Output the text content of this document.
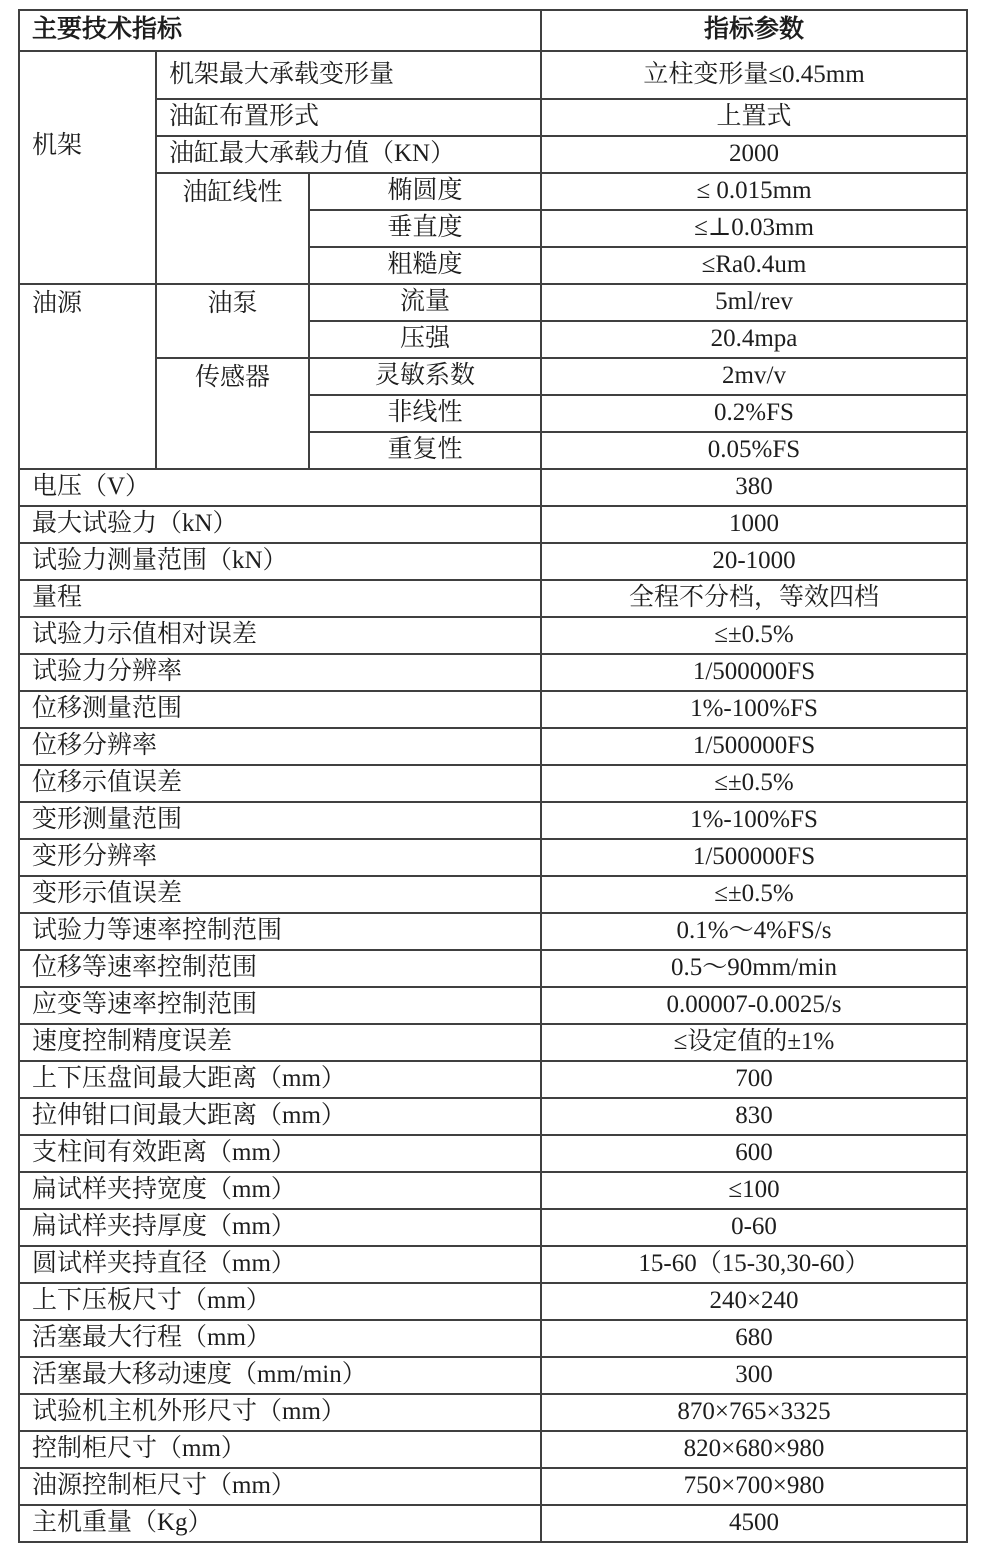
主要技术指标			指标参数
机架	机架最大承载变形量		立柱变形量≤0.45mm
	油缸布置形式		上置式
	油缸最大承载力值（KN）		2000
	油缸线性	椭圆度	≤ 0.015mm
		垂直度	≤⊥0.03mm
		粗糙度	≤Ra0.4um
油源	油泵	流量	5ml/rev
		压强	20.4mpa
	传感器	灵敏系数	2mv/v
		非线性	0.2%FS
		重复性	0.05%FS
电压（V）			380
最大试验力（kN）			1000
试验力测量范围（kN）			20-1000
量程			全程不分档，等效四档
试验力示值相对误差			≤±0.5%
试验力分辨率			1/500000FS
位移测量范围			1%-100%FS
位移分辨率			1/500000FS
位移示值误差			≤±0.5%
变形测量范围			1%-100%FS
变形分辨率			1/500000FS
变形示值误差			≤±0.5%
试验力等速率控制范围			0.1%～4%FS/s
位移等速率控制范围			0.5～90mm/min
应变等速率控制范围			0.00007-0.0025/s
速度控制精度误差			≤设定值的±1%
上下压盘间最大距离（mm）			700
拉伸钳口间最大距离（mm）			830
支柱间有效距离（mm）			600
扁试样夹持宽度（mm）			≤100
扁试样夹持厚度（mm）			0-60
圆试样夹持直径（mm）			15-60（15-30,30-60）
上下压板尺寸（mm）			240×240
活塞最大行程（mm）			680
活塞最大移动速度（mm/min）			300
试验机主机外形尺寸（mm）			870×765×3325
控制柜尺寸（mm）			820×680×980
油源控制柜尺寸（mm）			750×700×980
主机重量（Kg）			4500
